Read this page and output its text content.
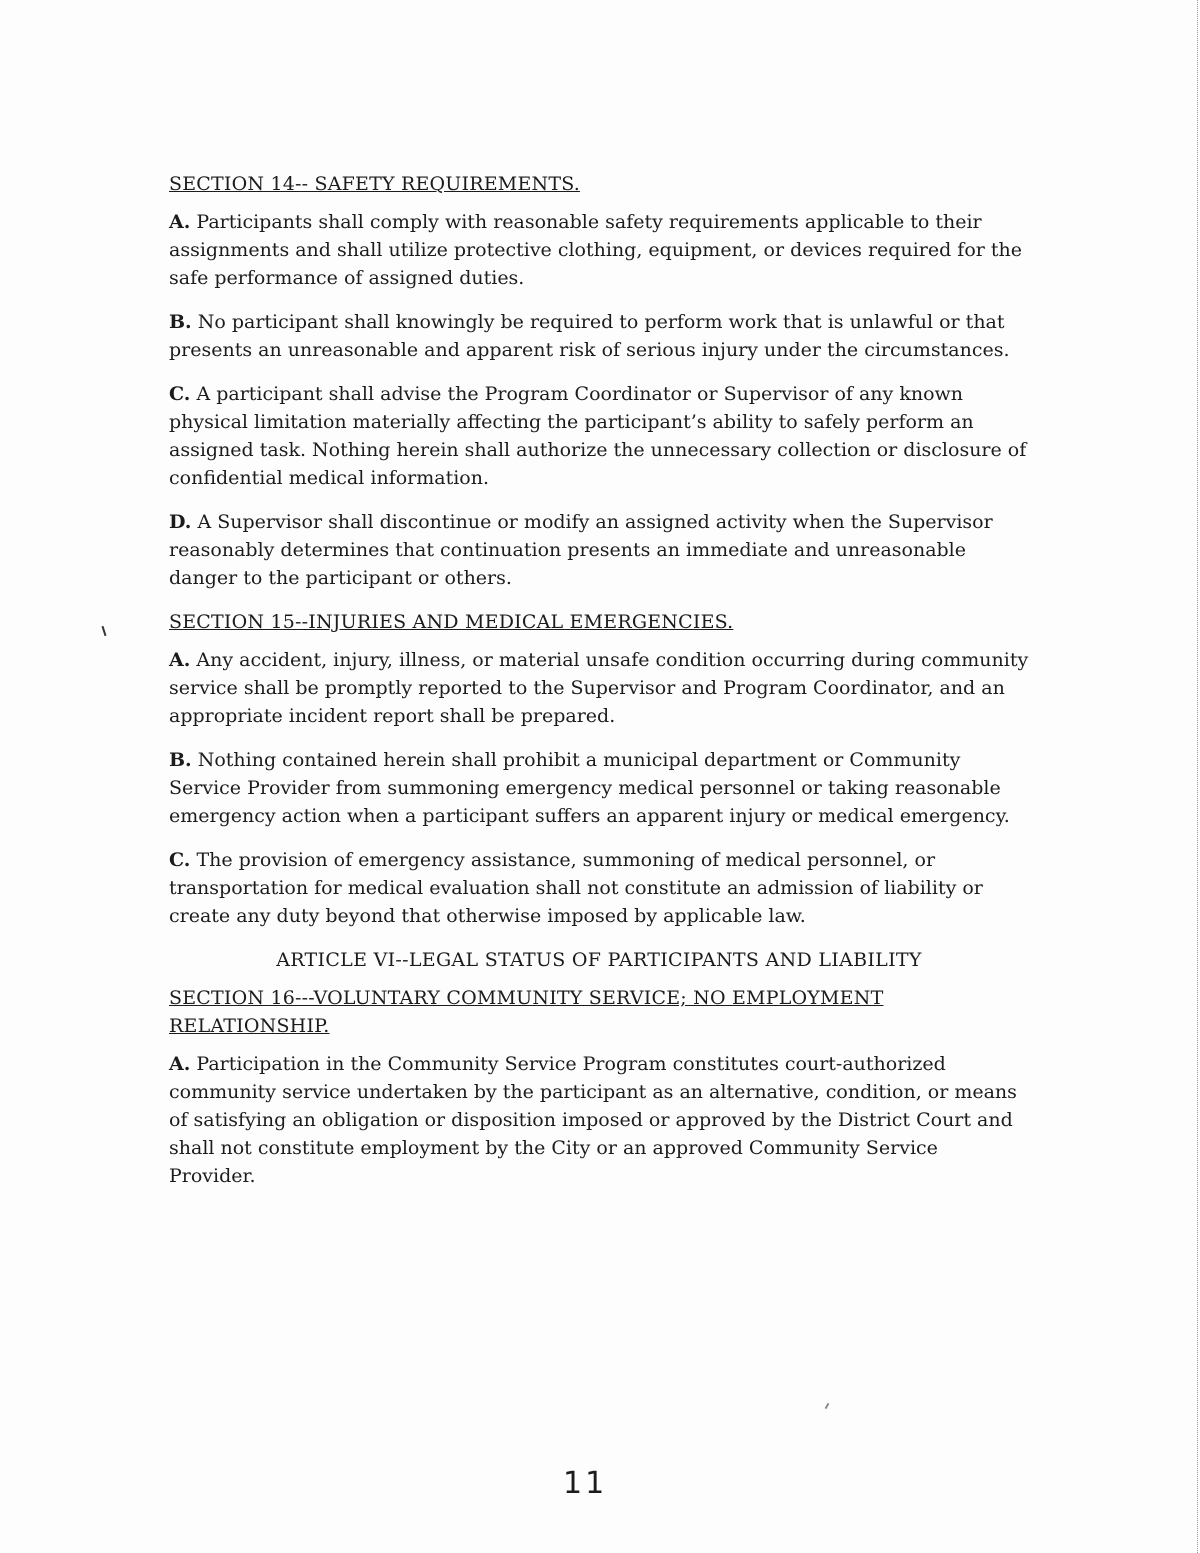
SECTION 14-- SAFETY REQUIREMENTS.

A. Participants shall comply with reasonable safety requirements applicable to their assignments and shall utilize protective clothing, equipment, or devices required for the safe performance of assigned duties.

B. No participant shall knowingly be required to perform work that is unlawful or that presents an unreasonable and apparent risk of serious injury under the circumstances.

C. A participant shall advise the Program Coordinator or Supervisor of any known physical limitation materially affecting the participant’s ability to safely perform an assigned task. Nothing herein shall authorize the unnecessary collection or disclosure of confidential medical information.

D. A Supervisor shall discontinue or modify an assigned activity when the Supervisor reasonably determines that continuation presents an immediate and unreasonable danger to the participant or others.

SECTION 15--INJURIES AND MEDICAL EMERGENCIES.

A. Any accident, injury, illness, or material unsafe condition occurring during community service shall be promptly reported to the Supervisor and Program Coordinator, and an appropriate incident report shall be prepared.

B. Nothing contained herein shall prohibit a municipal department or Community Service Provider from summoning emergency medical personnel or taking reasonable emergency action when a participant suffers an apparent injury or medical emergency.

C. The provision of emergency assistance, summoning of medical personnel, or transportation for medical evaluation shall not constitute an admission of liability or create any duty beyond that otherwise imposed by applicable law.

ARTICLE VI--LEGAL STATUS OF PARTICIPANTS AND LIABILITY
SECTION 16---VOLUNTARY COMMUNITY SERVICE; NO EMPLOYMENT RELATIONSHIP.

A. Participation in the Community Service Program constitutes court-authorized community service undertaken by the participant as an alternative, condition, or means of satisfying an obligation or disposition imposed or approved by the District Court and shall not constitute employment by the City or an approved Community Service Provider.

11
